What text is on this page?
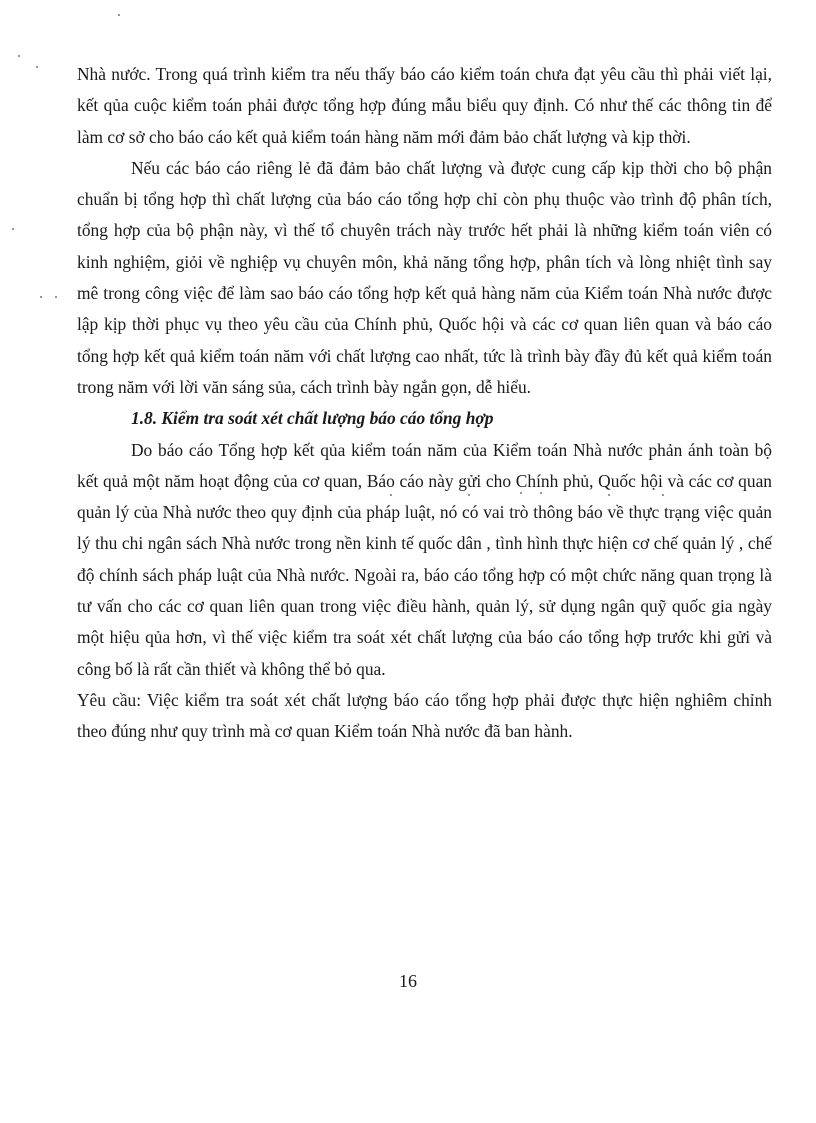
Nhà nước. Trong quá trình kiểm tra nếu thấy báo cáo kiểm toán chưa đạt yêu cầu thì phải viết lại, kết qủa cuộc kiểm toán phải được tổng hợp đúng mẫu biểu quy định. Có như thế các thông tin để làm cơ sở cho báo cáo kết quả kiểm toán hàng năm mới đảm bảo chất lượng và kịp thời.

Nếu các báo cáo riêng lẻ đã đảm bảo chất lượng và được cung cấp kịp thời cho bộ phận chuẩn bị tổng hợp thì chất lượng của báo cáo tổng hợp chỉ còn phụ thuộc vào trình độ phân tích, tổng hợp của bộ phận này, vì thế tổ chuyên trách này trước hết phải là những kiểm toán viên có kinh nghiệm, giỏi về nghiệp vụ chuyên môn, khả năng tổng hợp, phân tích và lòng nhiệt tình say mê trong công việc để làm sao báo cáo tổng hợp kết quả hàng năm của Kiểm toán Nhà nước được lập kịp thời phục vụ theo yêu cầu của Chính phủ, Quốc hội và các cơ quan liên quan và báo cáo tổng hợp kết quả kiểm toán năm với chất lượng cao nhất, tức là trình bày đầy đủ kết quả kiểm toán trong năm với lời văn sáng sủa, cách trình bày ngắn gọn, dễ hiểu.

1.8. Kiểm tra soát xét chất lượng báo cáo tổng hợp

Do báo cáo Tổng hợp kết qủa kiểm toán năm của Kiểm toán Nhà nước phản ánh toàn bộ kết quả một năm hoạt động của cơ quan, Báo cáo này gửi cho Chính phủ, Quốc hội và các cơ quan quản lý của Nhà nước theo quy định của pháp luật, nó có vai trò thông báo về thực trạng việc quản lý thu chi ngân sách Nhà nước trong nền kinh tế quốc dân , tình hình thực hiện cơ chế quản lý , chế độ chính sách pháp luật của Nhà nước. Ngoài ra, báo cáo tổng hợp có một chức năng quan trọng là tư vấn cho các cơ quan liên quan trong việc điều hành, quản lý, sử dụng ngân quỹ quốc gia ngày một hiệu qủa hơn, vì thế việc kiểm tra soát xét chất lượng của báo cáo tổng hợp trước khi gửi và công bố là rất cần thiết và không thể bỏ qua.

Yêu cầu: Việc kiểm tra soát xét chất lượng báo cáo tổng hợp phải được thực hiện nghiêm chỉnh theo đúng như quy trình mà cơ quan Kiểm toán Nhà nước đã ban hành.

16
